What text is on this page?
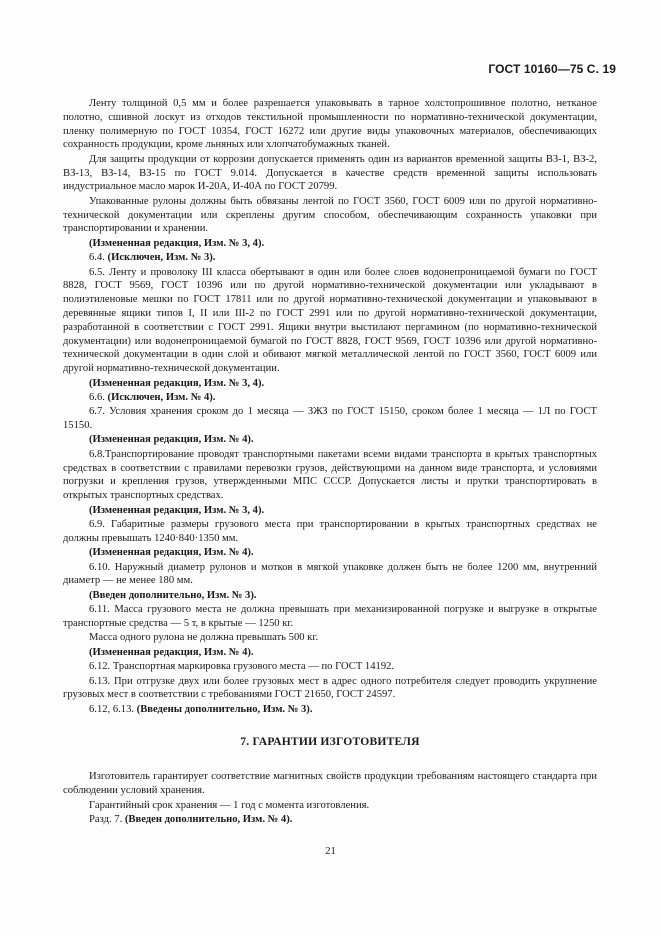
ГОСТ 10160—75 С. 19

Ленту толщиной 0,5 мм и более разрешается упаковывать в тарное холстопрошивное полотно, нетканое полотно, сшивной лоскут из отходов текстильной промышленности по нормативно-технической документации, пленку полимерную по ГОСТ 10354, ГОСТ 16272 или другие виды упаковочных материалов, обеспечивающих сохранность продукции, кроме льняных или хлопчатобумажных тканей.

Для защиты продукции от коррозии допускается применять один из вариантов временной защиты ВЗ-1, ВЗ-2, ВЗ-13, ВЗ-14, ВЗ-15 по ГОСТ 9.014. Допускается в качестве средств временной защиты использовать индустриальное масло марок И-20А, И-40А по ГОСТ 20799.

Упакованные рулоны должны быть обвязаны лентой по ГОСТ 3560, ГОСТ 6009 или по другой нормативно-технической документации или скреплены другим способом, обеспечивающим сохранность упаковки при транспортировании и хранении.

(Измененная редакция, Изм. № 3, 4).

6.4. (Исключен, Изм. № 3).

6.5. Ленту и проволоку III класса обертывают в один или более слоев водонепроницаемой бумаги по ГОСТ 8828, ГОСТ 9569, ГОСТ 10396 или по другой нормативно-технической документации или укладывают в полиэтиленовые мешки по ГОСТ 17811 или по другой нормативно-технической документации и упаковывают в деревянные ящики типов I, II или III-2 по ГОСТ 2991 или по другой нормативно-технической документации, разработанной в соответствии с ГОСТ 2991. Ящики внутри выстилают пергамином (по нормативно-технической документации) или водонепроницаемой бумагой по ГОСТ 8828, ГОСТ 9569, ГОСТ 10396 или другой нормативно-технической документации в один слой и обивают мягкой металлической лентой по ГОСТ 3560, ГОСТ 6009 или другой нормативно-технической документации.

(Измененная редакция, Изм. № 3, 4).

6.6. (Исключен, Изм. № 4).

6.7. Условия хранения сроком до 1 месяца — ЗЖЗ по ГОСТ 15150, сроком более 1 месяца — 1Л по ГОСТ 15150.

(Измененная редакция, Изм. № 4).

6.8.Транспортирование проводят транспортными пакетами всеми видами транспорта в крытых транспортных средствах в соответствии с правилами перевозки грузов, действующими на данном виде транспорта, и условиями погрузки и крепления грузов, утвержденными МПС СССР. Допускается листы и прутки транспортировать в открытых транспортных средствах.

(Измененная редакция, Изм. № 3, 4).

6.9. Габаритные размеры грузового места при транспортировании в крытых транспортных средствах не должны превышать 1240·840·1350 мм.

(Измененная редакция, Изм. № 4).

6.10. Наружный диаметр рулонов и мотков в мягкой упаковке должен быть не более 1200 мм, внутренний диаметр — не менее 180 мм.

(Введен дополнительно, Изм. № 3).

6.11. Масса грузового места не должна превышать при механизированной погрузке и выгрузке в открытые транспортные средства — 5 т, в крытые — 1250 кг.

Масса одного рулона не должна превышать 500 кг.

(Измененная редакция, Изм. № 4).

6.12. Транспортная маркировка грузового места — по ГОСТ 14192.

6.13. При отгрузке двух или более грузовых мест в адрес одного потребителя следует проводить укрупнение грузовых мест в соответствии с требованиями ГОСТ 21650, ГОСТ 24597.

6.12, 6.13. (Введены дополнительно, Изм. № 3).

7. ГАРАНТИИ ИЗГОТОВИТЕЛЯ

Изготовитель гарантирует соответствие магнитных свойств продукции требованиям настоящего стандарта при соблюдении условий хранения.

Гарантийный срок хранения — 1 год с момента изготовления.

Разд. 7. (Введен дополнительно, Изм. № 4).

21
